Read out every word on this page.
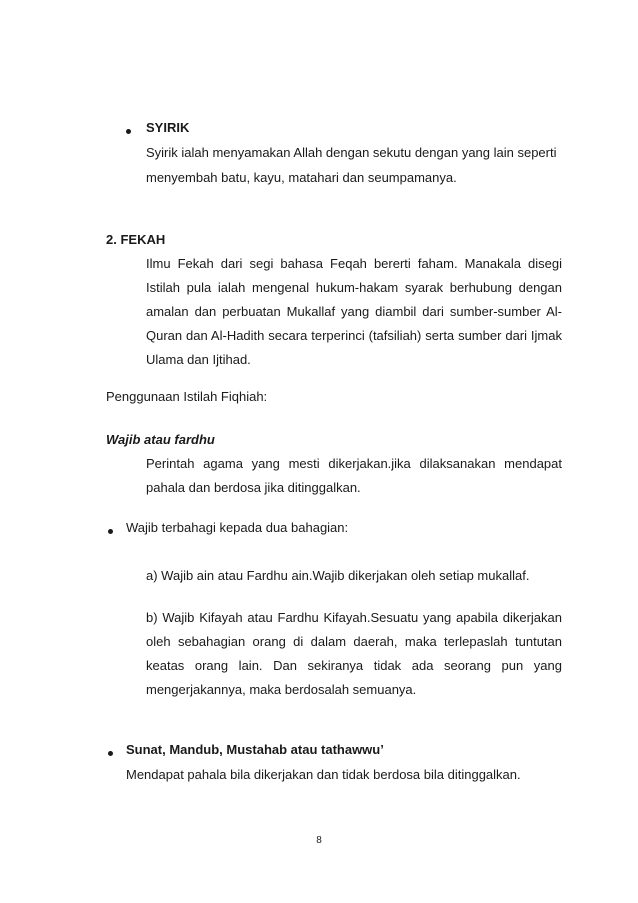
SYIRIK
Syirik ialah menyamakan Allah dengan sekutu dengan yang lain seperti
menyembah batu, kayu, matahari dan seumpamanya.
2. FEKAH
Ilmu Fekah dari segi bahasa Feqah bererti faham. Manakala disegi
Istilah pula ialah mengenal hukum-hakam syarak berhubung dengan
amalan dan perbuatan Mukallaf yang diambil dari sumber-sumber Al-
Quran dan Al-Hadith secara terperinci (tafsiliah) serta sumber dari Ijmak
Ulama dan Ijtihad.
Penggunaan Istilah Fiqhiah:
Wajib atau fardhu
Perintah agama yang mesti dikerjakan.jika dilaksanakan mendapat
pahala dan berdosa jika ditinggalkan.
Wajib terbahagi kepada dua bahagian:
a) Wajib ain atau Fardhu ain.Wajib dikerjakan oleh setiap mukallaf.
b) Wajib Kifayah atau Fardhu Kifayah.Sesuatu yang apabila dikerjakan
oleh sebahagian orang di dalam daerah, maka terlepaslah tuntutan
keatas orang lain. Dan sekiranya tidak ada seorang pun yang
mengerjakannya, maka berdosalah semuanya.
Sunat, Mandub, Mustahab atau tathawwu’
Mendapat pahala bila dikerjakan dan tidak berdosa bila ditinggalkan.
8
